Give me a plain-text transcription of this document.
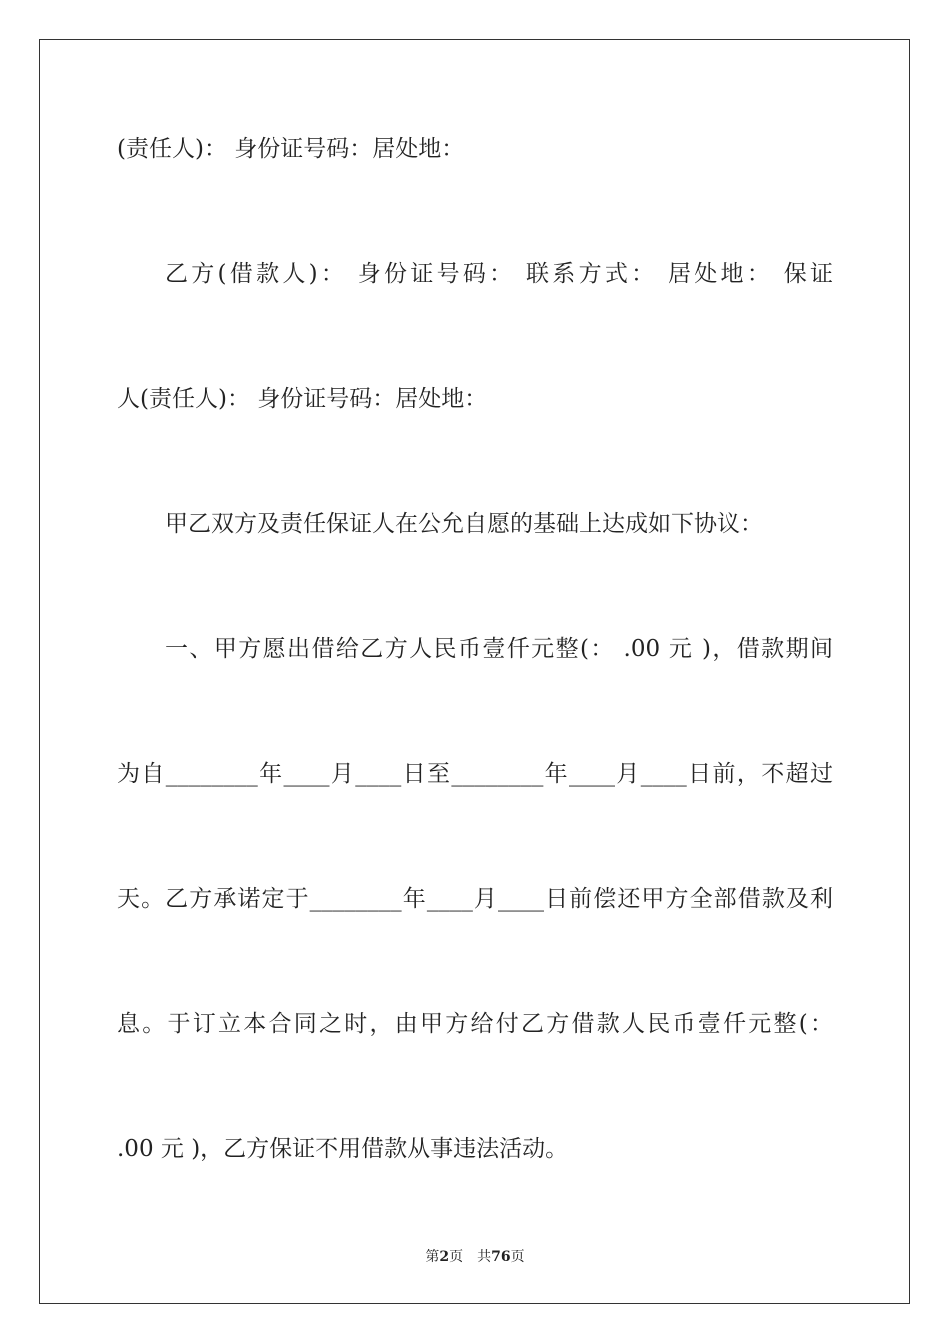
(责任人)： 身份证号码：居处地：
乙方(借款人)： 身份证号码： 联系方式： 居处地： 保证
人(责任人)： 身份证号码：居处地：
甲乙双方及责任保证人在公允自愿的基础上达成如下协议：
一、甲方愿出借给乙方人民币壹仟元整(： .00 元 )，借款期间
为自________年____月____日至________年____月____日前，不超过
天。乙方承诺定于________年____月____日前偿还甲方全部借款及利
息。于订立本合同之时，由甲方给付乙方借款人民币壹仟元整(：
.00 元 )，乙方保证不用借款从事违法活动。
第2页 共76页
